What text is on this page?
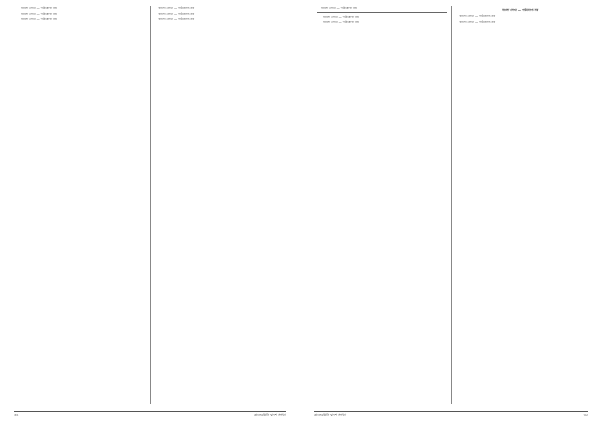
বাংলা লেখা — পাঠযোগ্য নয়

বাংলা লেখা — পাঠযোগ্য নয়

বাংলা লেখা — পাঠযোগ্য নয়

বাংলা লেখা — পাঠযোগ্য নয়

বাংলা লেখা — পাঠযোগ্য নয়

বাংলা লেখা — পাঠযোগ্য নয়

৩৪	কালেরধ্বনি দ্বাদশ সংখ্যা

বাংলা লেখা — পাঠযোগ্য নয়

বাংলা লেখা — পাঠযোগ্য নয়

বাংলা লেখা — পাঠযোগ্য নয়

বাংলা লেখা — পাঠযোগ্য নয়

বাংলা লেখা — পাঠযোগ্য নয়

বাংলা লেখা — পাঠযোগ্য নয়

কালেরধ্বনি দ্বাদশ সংখ্যা	৩৫
